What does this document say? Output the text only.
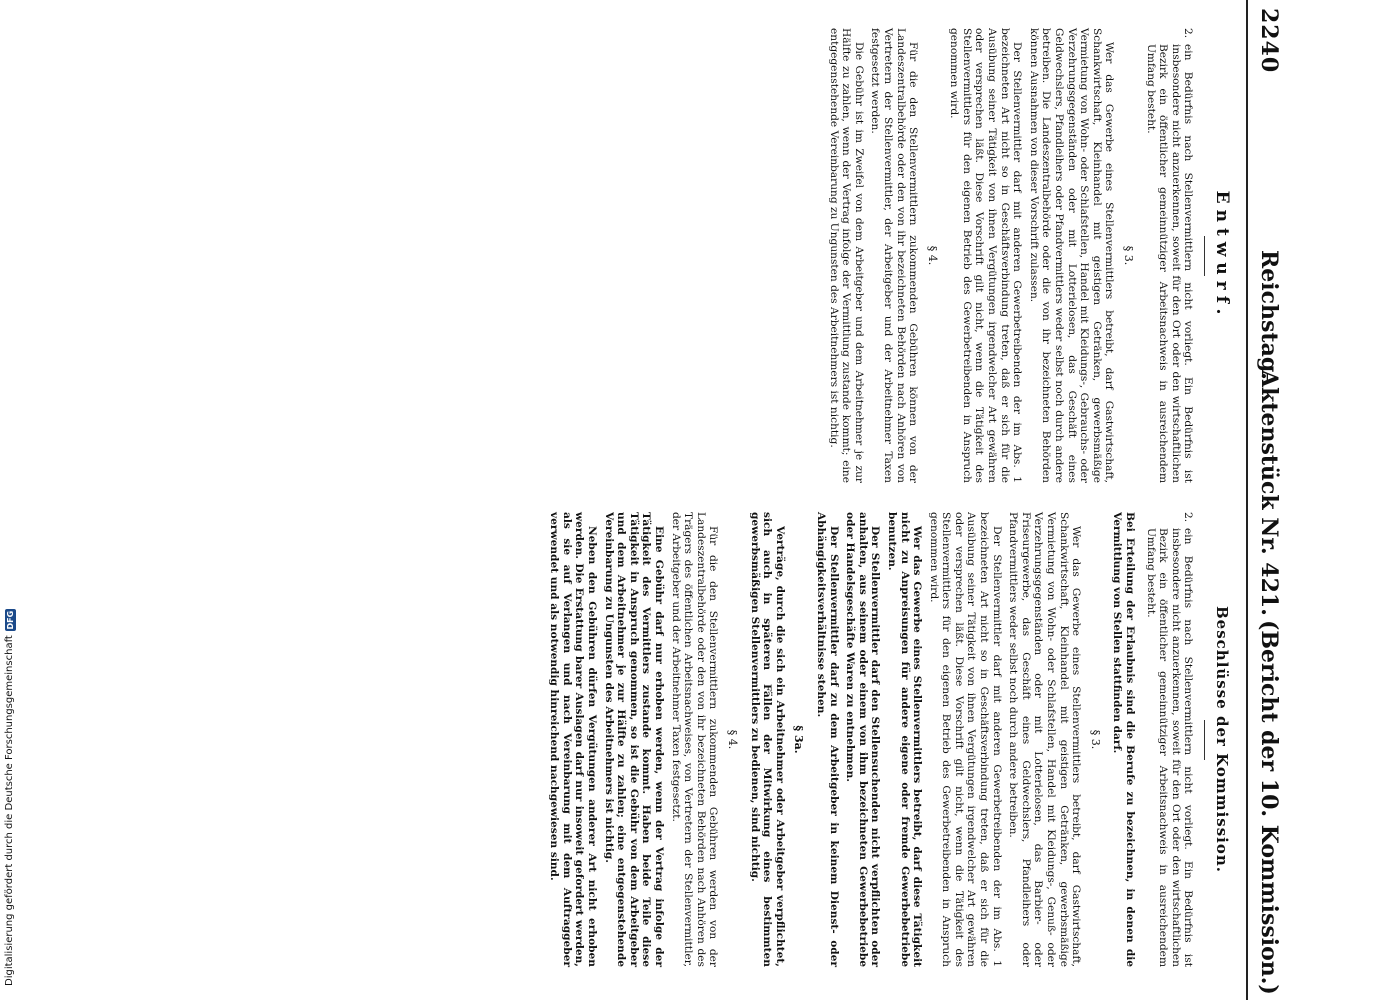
2240
Reichstag.
Aktenstück Nr. 421.
(Bericht der 10. Kommission.)
Entwurf.
2.
ein Bedürfnis nach Stellenvermittlern nicht vorliegt. Ein Bedürfnis ist insbesondere nicht anzuerkennen, soweit für den Ort oder den wirtschaftlichen Bezirk ein öffentlicher gemeinnütziger Arbeitsnachweis in ausreichendem Umfang besteht.
§ 3.

Wer das Gewerbe eines Stellenvermittlers betreibt, darf Gastwirtschaft, Schankwirtschaft, Kleinhandel mit geistigen Getränken, gewerbsmäßige Vermietung von Wohn- oder Schlafstellen, Handel mit Kleidungs-, Gebrauchs- oder Verzehrungsgegenständen oder mit Lotterielosen, das Geschäft eines Geldwechslers, Pfandleihers oder Pfandvermittlers weder selbst noch durch andere betreiben. Die Landeszentralbehörde oder die von ihr bezeichneten Behörden können Ausnahmen von dieser Vorschrift zulassen.

Der Stellenvermittler darf mit anderen Gewerbetreibenden der im Abs. 1 bezeichneten Art nicht so in Geschäftsverbindung treten, daß er sich für die Ausübung seiner Tätigkeit von ihnen Vergütungen irgendwelcher Art gewähren oder versprechen läßt. Diese Vorschrift gilt nicht, wenn die Tätigkeit des Stellenvermittlers für den eigenen Betrieb des Gewerbetreibenden in Anspruch genommen wird.

§ 4.

Für die den Stellenvermittlern zukommenden Gebühren können von der Landeszentralbehörde oder den von ihr bezeichneten Behörden nach Anhören von Vertretern der Stellenvermittler, der Arbeitgeber und der Arbeitnehmer Taxen festgesetzt werden.

Die Gebühr ist im Zweifel von dem Arbeitgeber und dem Arbeitnehmer je zur Hälfte zu zahlen, wenn der Vertrag infolge der Vermittlung zustande kommt; eine entgegenstehende Vereinbarung zu Ungunsten des Arbeitnehmers ist nichtig.

Beschlüsse der Kommission.
2.
ein Bedürfnis nach Stellenvermittlern nicht vorliegt. Ein Bedürfnis ist insbesondere nicht anzuerkennen, soweit für den Ort oder den wirtschaftlichen Bezirk ein öffentlicher gemeinnütziger Arbeitsnachweis in ausreichendem Umfang besteht.

Bei Erteilung der Erlaubnis sind die Berufe zu bezeichnen, in denen die Vermittlung von Stellen stattfinden darf.

§ 3.

Wer das Gewerbe eines Stellenvermittlers betreibt, darf Gastwirtschaft, Schankwirtschaft, Kleinhandel mit geistigen Getränken, gewerbsmäßige Vermietung von Wohn- oder Schlafstellen, Handel mit Kleidungs-, Genuß- oder Verzehrungsgegenständen oder mit Lotterielosen, das Barbier- oder Friseurgewerbe, das Geschäft eines Geldwechslers, Pfandleihers oder Pfandvermittlers weder selbst noch durch andere betreiben.

Der Stellenvermittler darf mit anderen Gewerbetreibenden der im Abs. 1 bezeichneten Art nicht so in Geschäftsverbindung treten, daß er sich für die Ausübung seiner Tätigkeit von ihnen Vergütungen irgendwelcher Art gewähren oder versprechen läßt. Diese Vorschrift gilt nicht, wenn die Tätigkeit des Stellenvermittlers für den eigenen Betrieb des Gewerbetreibenden in Anspruch genommen wird.

Wer das Gewerbe eines Stellenvermittlers betreibt, darf diese Tätigkeit nicht zu Anpreisungen für andere eigene oder fremde Gewerbebetriebe benutzen.

Der Stellenvermittler darf den Stellensuchenden nicht verpflichten oder anhalten, aus seinem oder einem von ihm bezeichneten Gewerbebetriebe oder Handelsgeschäfte Waren zu entnehmen.

Der Stellenvermittler darf zu dem Arbeitgeber in keinem Dienst- oder Abhängigkeitsverhältnisse stehen.

§ 3a.

Verträge, durch die sich ein Arbeitnehmer oder Arbeitgeber verpflichtet, sich auch in späteren Fällen der Mitwirkung eines bestimmten gewerbsmäßigen Stellenvermittlers zu bedienen, sind nichtig.

§ 4.

Für die den Stellenvermittlern zukommenden Gebühren werden von der Landeszentralbehörde oder den von ihr bezeichneten Behörden nach Anhören des Trägers des öffentlichen Arbeitsnachweises, von Vertretern der Stellenvermittler, der Arbeitgeber und der Arbeitnehmer Taxen festgesetzt.

Eine Gebühr darf nur erhoben werden, wenn der Vertrag infolge der Tätigkeit des Vermittlers zustande kommt. Haben beide Teile diese Tätigkeit in Anspruch genommen, so ist die Gebühr von dem Arbeitgeber und dem Arbeitnehmer je zur Hälfte zu zahlen; eine entgegenstehende Vereinbarung zu Ungunsten des Arbeitnehmers ist nichtig.

Neben den Gebühren dürfen Vergütungen anderer Art nicht erhoben werden. Die Erstattung barer Auslagen darf nur insoweit gefordert werden, als sie auf Verlangen und nach Vereinbarung mit dem Auftraggeber verwendet und als notwendig hinreichend nachgewiesen sind.

Digitalisierung gefördert durch die Deutsche Forschungsgemeinschaft
DFG
